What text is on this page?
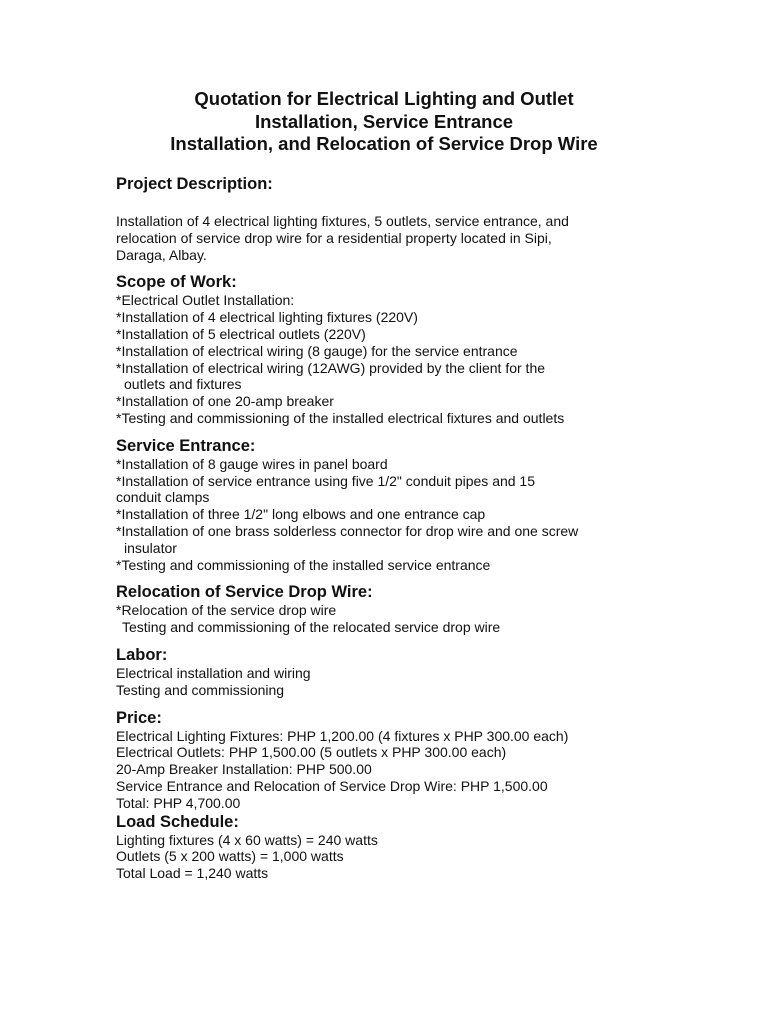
Quotation for Electrical Lighting and Outlet
Installation, Service Entrance
Installation, and Relocation of Service Drop Wire
Project Description:
Installation of 4 electrical lighting fixtures, 5 outlets, service entrance, and
relocation of service drop wire for a residential property located in Sipi,
Daraga, Albay.
Scope of Work:
*Electrical Outlet Installation:
*Installation of 4 electrical lighting fixtures (220V)
*Installation of 5 electrical outlets (220V)
*Installation of electrical wiring (8 gauge) for the service entrance
*Installation of electrical wiring (12AWG) provided by the client for the
outlets and fixtures
*Installation of one 20-amp breaker
*Testing and commissioning of the installed electrical fixtures and outlets
Service Entrance:
*Installation of 8 gauge wires in panel board
*Installation of service entrance using five 1/2" conduit pipes and 15
conduit clamps
*Installation of three 1/2" long elbows and one entrance cap
*Installation of one brass solderless connector for drop wire and one screw
insulator
*Testing and commissioning of the installed service entrance
Relocation of Service Drop Wire:
*Relocation of the service drop wire
Testing and commissioning of the relocated service drop wire
Labor:
Electrical installation and wiring
Testing and commissioning
Price:
Electrical Lighting Fixtures: PHP 1,200.00 (4 fixtures x PHP 300.00 each)
Electrical Outlets: PHP 1,500.00 (5 outlets x PHP 300.00 each)
20-Amp Breaker Installation: PHP 500.00
Service Entrance and Relocation of Service Drop Wire: PHP 1,500.00
Total: PHP 4,700.00
Load Schedule:
Lighting fixtures (4 x 60 watts) = 240 watts
Outlets (5 x 200 watts) = 1,000 watts
Total Load = 1,240 watts
